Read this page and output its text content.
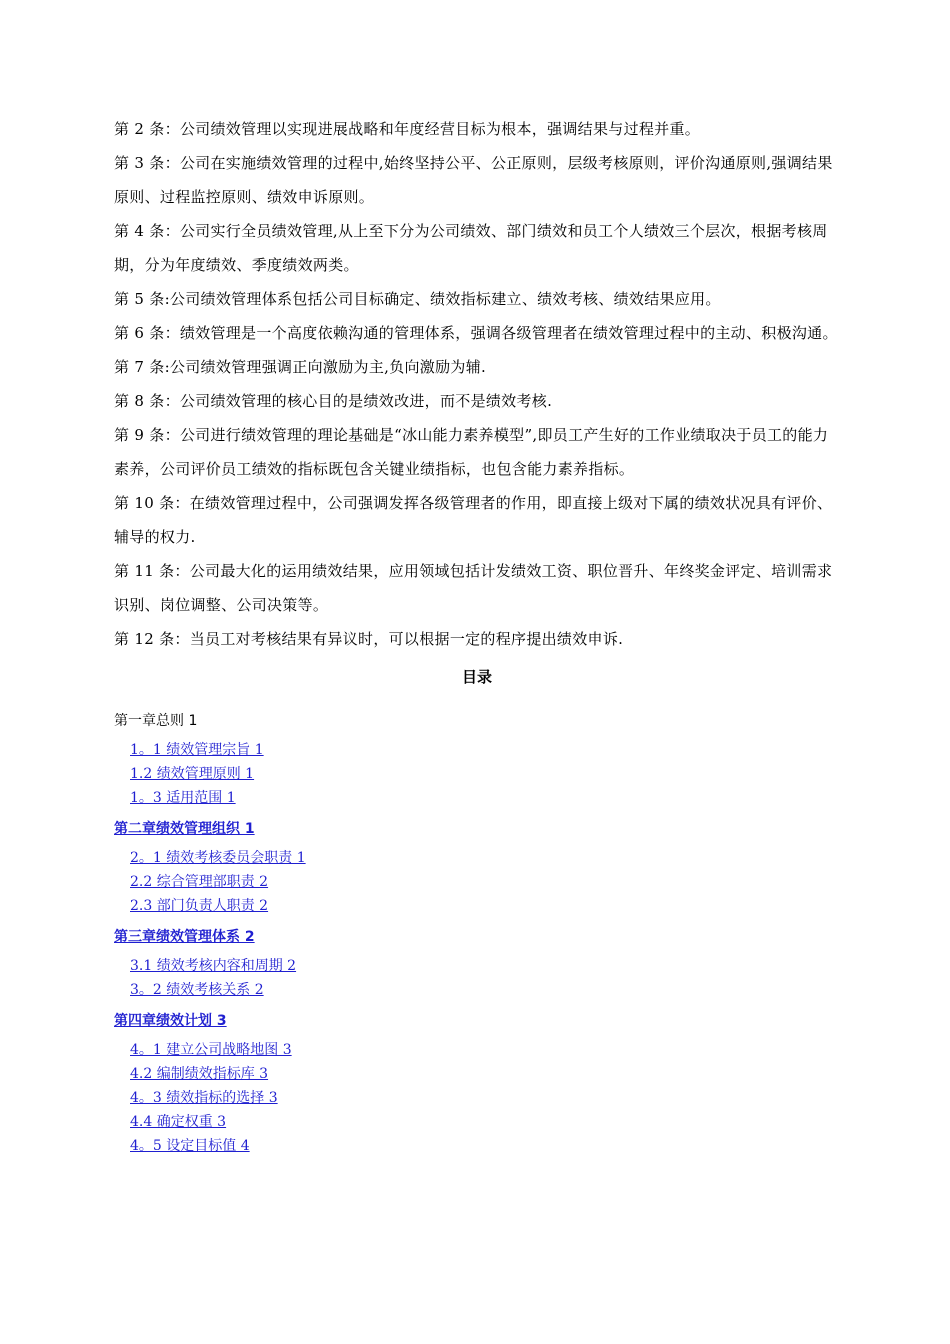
第 2 条：公司绩效管理以实现进展战略和年度经营目标为根本，强调结果与过程并重。

第 3 条：公司在实施绩效管理的过程中,始终坚持公平、公正原则，层级考核原则，评价沟通原则,强调结果原则、过程监控原则、绩效申诉原则。

第 4 条：公司实行全员绩效管理,从上至下分为公司绩效、部门绩效和员工个人绩效三个层次，根据考核周期，分为年度绩效、季度绩效两类。

第 5 条:公司绩效管理体系包括公司目标确定、绩效指标建立、绩效考核、绩效结果应用。

第 6 条：绩效管理是一个高度依赖沟通的管理体系，强调各级管理者在绩效管理过程中的主动、积极沟通。

第 7 条:公司绩效管理强调正向激励为主,负向激励为辅.

第 8 条：公司绩效管理的核心目的是绩效改进，而不是绩效考核.

第 9 条：公司进行绩效管理的理论基础是“冰山能力素养模型”,即员工产生好的工作业绩取决于员工的能力素养，公司评价员工绩效的指标既包含关键业绩指标，也包含能力素养指标。

第 10 条：在绩效管理过程中，公司强调发挥各级管理者的作用，即直接上级对下属的绩效状况具有评价、辅导的权力.

第 11 条：公司最大化的运用绩效结果，应用领域包括计发绩效工资、职位晋升、年终奖金评定、培训需求识别、岗位调整、公司决策等。

第 12 条：当员工对考核结果有异议时，可以根据一定的程序提出绩效申诉.

目录
第一章总则 1
1。1 绩效管理宗旨 1
1.2 绩效管理原则 1
1。3 适用范围 1
第二章绩效管理组织 1
2。1 绩效考核委员会职责 1
2.2 综合管理部职责 2
2.3 部门负责人职责 2
第三章绩效管理体系 2
3.1 绩效考核内容和周期 2
3。2 绩效考核关系 2
第四章绩效计划 3
4。1 建立公司战略地图 3
4.2 编制绩效指标库 3
4。3 绩效指标的选择 3
4.4 确定权重 3
4。5 设定目标值 4
